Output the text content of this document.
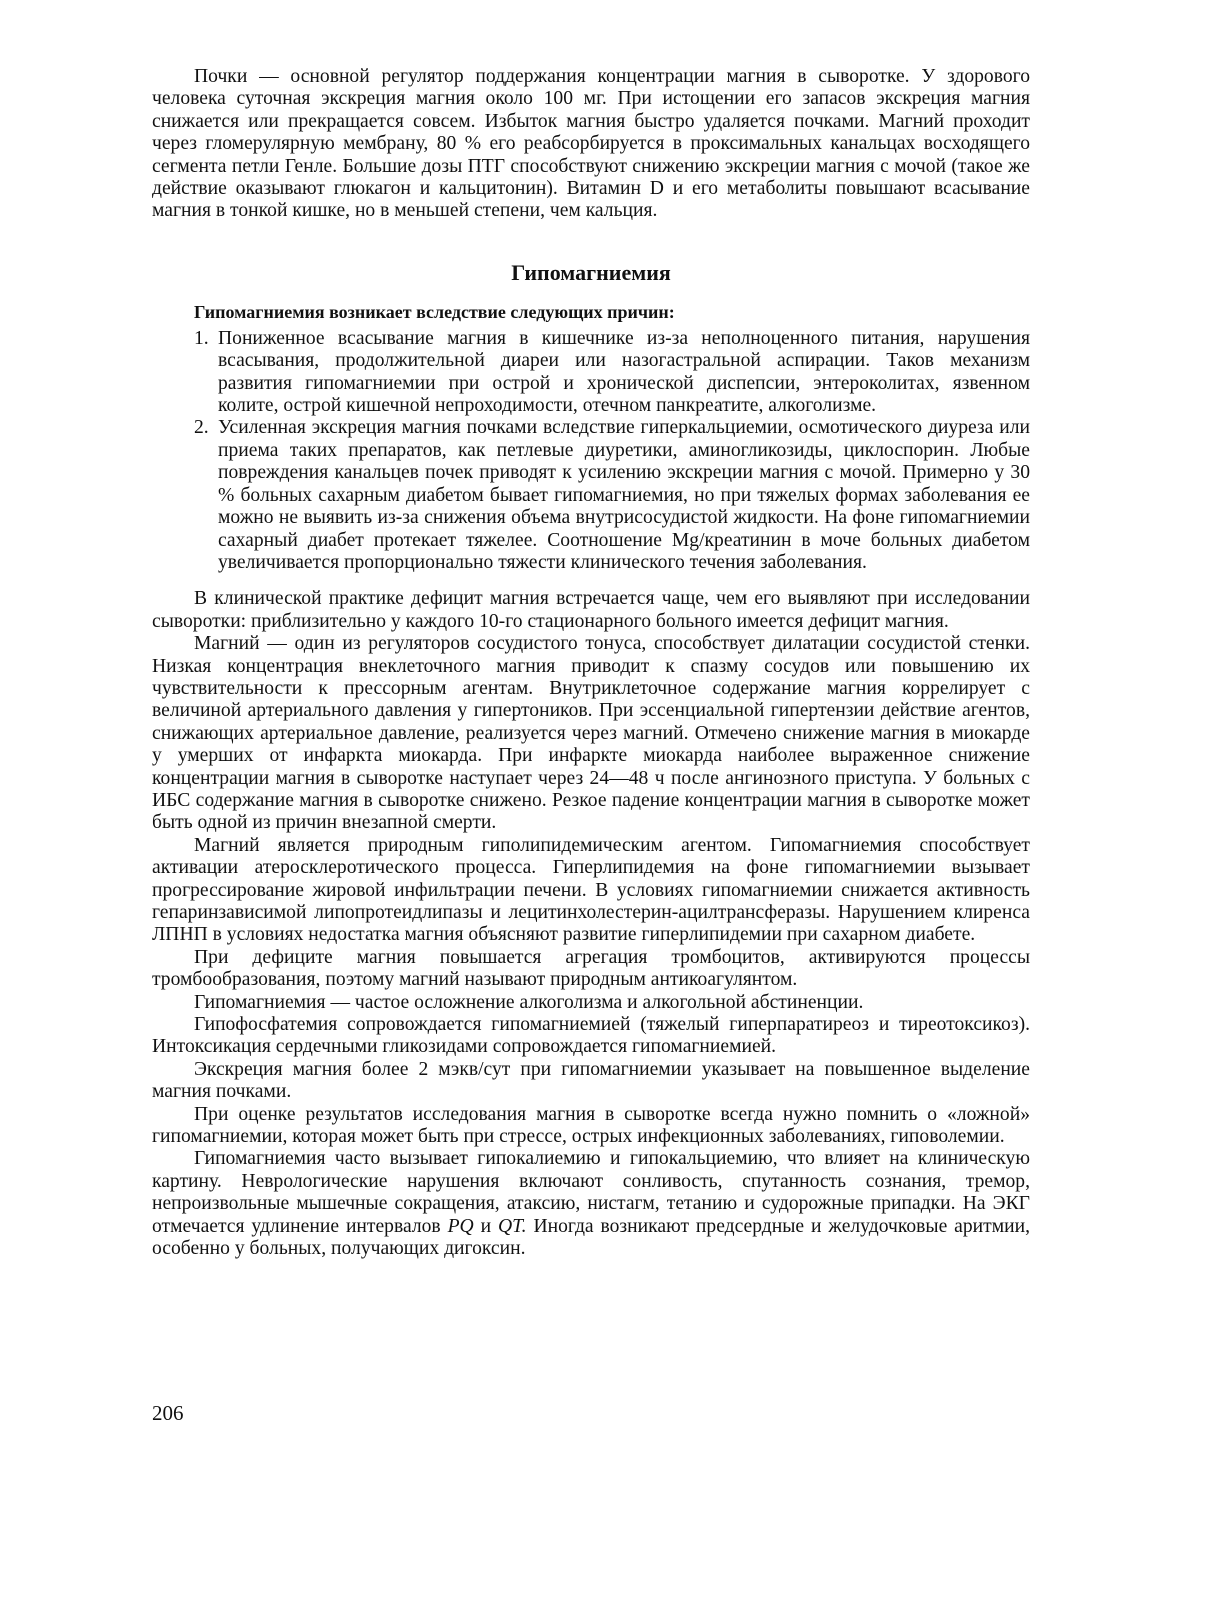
Почки — основной регулятор поддержания концентрации магния в сыворотке. У здорового человека суточная экскреция магния около 100 мг. При истощении его запасов экскреция магния снижается или прекращается совсем. Избыток магния быстро удаляется почками. Магний проходит через гломерулярную мембрану, 80 % его реабсорбируется в проксимальных канальцах восходящего сегмента петли Генле. Большие дозы ПТГ способствуют снижению экскреции магния с мочой (такое же действие оказывают глюкагон и кальцитонин). Витамин D и его метаболиты повышают всасывание магния в тонкой кишке, но в меньшей степени, чем кальция.

Гипомагниемия
Гипомагниемия возникает вследствие следующих причин:
1. Пониженное всасывание магния в кишечнике из-за неполноценного питания, нарушения всасывания, продолжительной диареи или назогастральной аспирации. Таков механизм развития гипомагниемии при острой и хронической диспепсии, энтероколитах, язвенном колите, острой кишечной непроходимости, отечном панкреатите, алкоголизме.
2. Усиленная экскреция магния почками вследствие гиперкальциемии, осмотического диуреза или приема таких препаратов, как петлевые диуретики, аминогликозиды, циклоспорин. Любые повреждения канальцев почек приводят к усилению экскреции магния с мочой. Примерно у 30 % больных сахарным диабетом бывает гипомагниемия, но при тяжелых формах заболевания ее можно не выявить из-за снижения объема внутрисосудистой жидкости. На фоне гипомагниемии сахарный диабет протекает тяжелее. Соотношение Mg/креатинин в моче больных диабетом увеличивается пропорционально тяжести клинического течения заболевания.

В клинической практике дефицит магния встречается чаще, чем его выявляют при исследовании сыворотки: приблизительно у каждого 10-го стационарного больного имеется дефицит магния.

Магний — один из регуляторов сосудистого тонуса, способствует дилатации сосудистой стенки. Низкая концентрация внеклеточного магния приводит к спазму сосудов или повышению их чувствительности к прессорным агентам. Внутриклеточное содержание магния коррелирует с величиной артериального давления у гипертоников. При эссенциальной гипертензии действие агентов, снижающих артериальное давление, реализуется через магний. Отмечено снижение магния в миокарде у умерших от инфаркта миокарда. При инфаркте миокарда наиболее выраженное снижение концентрации магния в сыворотке наступает через 24—48 ч после ангинозного приступа. У больных с ИБС содержание магния в сыворотке снижено. Резкое падение концентрации магния в сыворотке может быть одной из причин внезапной смерти.

Магний является природным гиполипидемическим агентом. Гипомагниемия способствует активации атеросклеротического процесса. Гиперлипидемия на фоне гипомагниемии вызывает прогрессирование жировой инфильтрации печени. В условиях гипомагниемии снижается активность гепаринзависимой липопротеидлипазы и лецитинхолестерин-ацилтрансферазы. Нарушением клиренса ЛПНП в условиях недостатка магния объясняют развитие гиперлипидемии при сахарном диабете.

При дефиците магния повышается агрегация тромбоцитов, активируются процессы тромбообразования, поэтому магний называют природным антикоагулянтом.

Гипомагниемия — частое осложнение алкоголизма и алкогольной абстиненции.

Гипофосфатемия сопровождается гипомагниемией (тяжелый гиперпаратиреоз и тиреотоксикоз). Интоксикация сердечными гликозидами сопровождается гипомагниемией.

Экскреция магния более 2 мэкв/сут при гипомагниемии указывает на повышенное выделение магния почками.

При оценке результатов исследования магния в сыворотке всегда нужно помнить о «ложной» гипомагниемии, которая может быть при стрессе, острых инфекционных заболеваниях, гиповолемии.

Гипомагниемия часто вызывает гипокалиемию и гипокальциемию, что влияет на клиническую картину. Неврологические нарушения включают сонливость, спутанность сознания, тремор, непроизвольные мышечные сокращения, атаксию, нистагм, тетанию и судорожные припадки. На ЭКГ отмечается удлинение интервалов PQ и QT. Иногда возникают предсердные и желудочковые аритмии, особенно у больных, получающих дигоксин.

206
